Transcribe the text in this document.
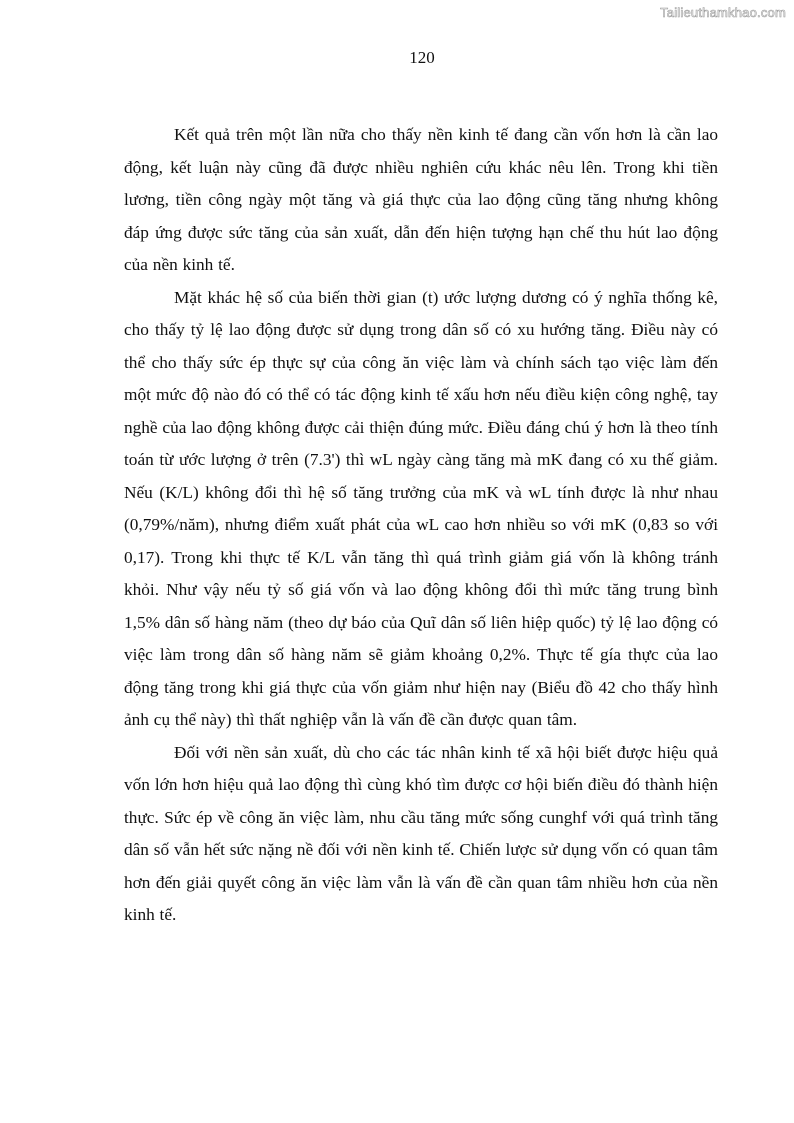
Tailieuthamkhao.com
120

Kết quả trên một lần nữa cho thấy nền kinh tế đang cần vốn hơn là cần lao động, kết luận này cũng đã được nhiều nghiên cứu khác nêu lên. Trong khi tiền lương, tiền công ngày một tăng và giá thực của lao động cũng tăng nhưng không đáp ứng được sức tăng của sản xuất, dẫn đến hiện tượng hạn chế thu hút lao động của nền kinh tế.

Mặt khác hệ số của biến thời gian (t) ước lượng dương có ý nghĩa thống kê, cho thấy tỷ lệ lao động được sử dụng trong dân số có xu hướng tăng. Điều này có thể cho thấy sức ép thực sự của công ăn việc làm và chính sách tạo việc làm đến một mức độ nào đó có thể có tác động kinh tế xấu hơn nếu điều kiện công nghệ, tay nghề của lao động không được cải thiện đúng mức. Điều đáng chú ý hơn là theo tính toán từ ước lượng ở trên (7.3') thì wL ngày càng tăng mà mK đang có xu thế giảm. Nếu (K/L) không đổi thì hệ số tăng trưởng của mK và wL tính được là như nhau (0,79%/năm), nhưng điểm xuất phát của wL cao hơn nhiều so với mK (0,83 so với 0,17). Trong khi thực tế K/L vẫn tăng thì quá trình giảm giá vốn là không tránh khỏi. Như vậy nếu tỷ số giá vốn và lao động không đổi thì mức tăng trung bình 1,5% dân số hàng năm (theo dự báo của Quĩ dân số liên hiệp quốc) tỷ lệ lao động có việc làm trong dân số hàng năm sẽ giảm khoảng 0,2%. Thực tế gía thực của lao động tăng trong khi giá thực của vốn giảm như hiện nay (Biểu đồ 42 cho thấy hình ảnh cụ thể này) thì thất nghiệp vẫn là vấn đề cần được quan tâm.

Đối với nền sản xuất, dù cho các tác nhân kinh tế xã hội biết được hiệu quả vốn lớn hơn hiệu quả lao động thì cùng khó tìm được cơ hội biến điều đó thành hiện thực. Sức ép về công ăn việc làm, nhu cầu tăng mức sống cunghf với quá trình tăng dân số vẫn hết sức nặng nề đối với nền kinh tế. Chiến lược sử dụng vốn có quan tâm hơn đến giải quyết công ăn việc làm vẫn là vấn đề cần quan tâm nhiều hơn của nền kinh tế.
